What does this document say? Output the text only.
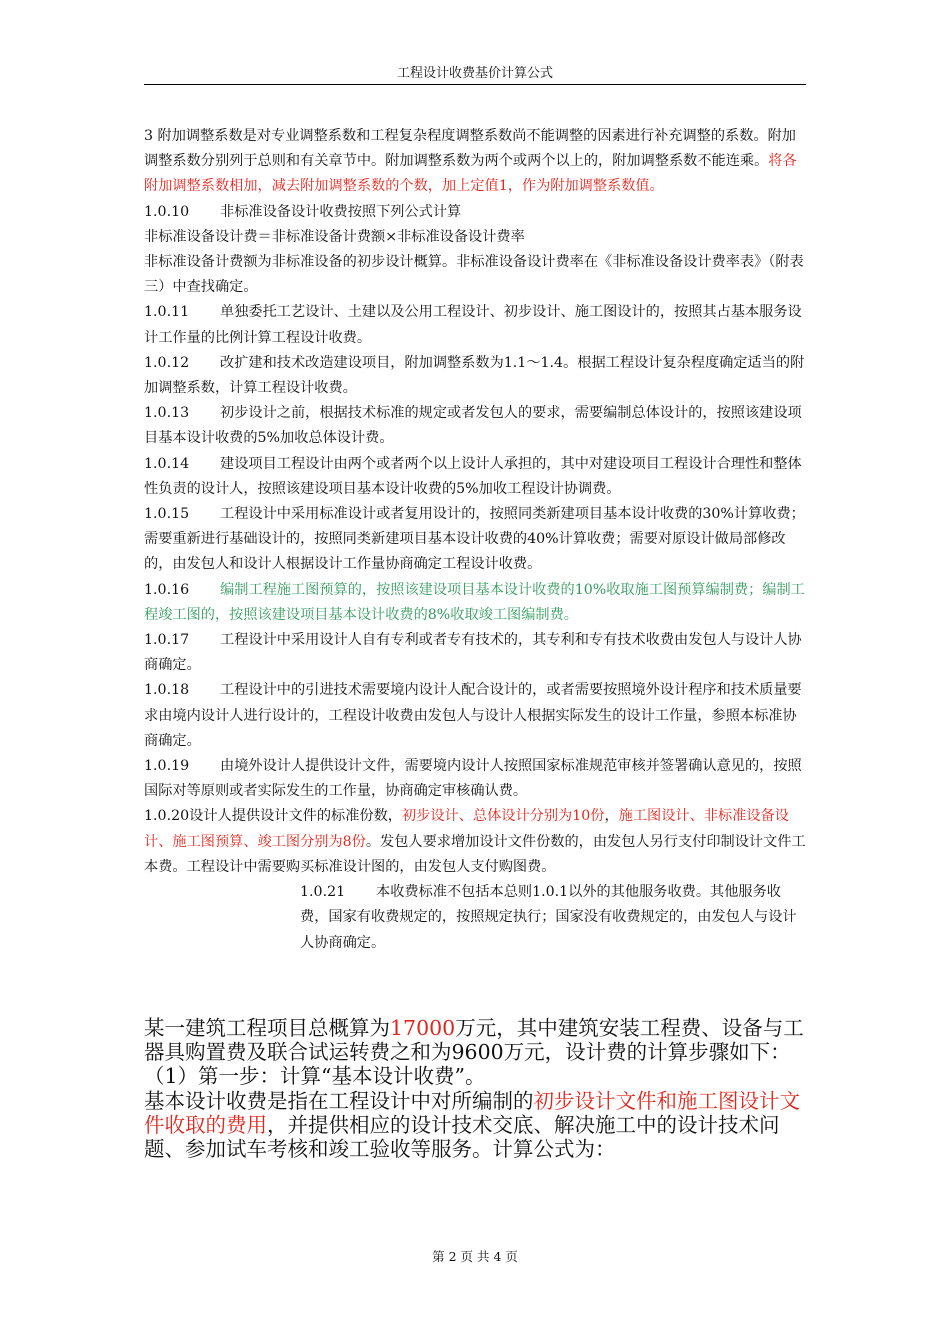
工程设计收费基价计算公式

3 附加调整系数是对专业调整系数和工程复杂程度调整系数尚不能调整的因素进行补充调整的系数。附加调整系数分别列于总则和有关章节中。附加调整系数为两个或两个以上的，附加调整系数不能连乘。将各附加调整系数相加，减去附加调整系数的个数，加上定值1，作为附加调整系数值。

1.0.10 非标准设备设计收费按照下列公式计算

非标准设备设计费＝非标准设备计费额×非标准设备设计费率

非标准设备计费额为非标准设备的初步设计概算。非标准设备设计费率在《非标准设备设计费率表》（附表三）中查找确定。

1.0.11 单独委托工艺设计、土建以及公用工程设计、初步设计、施工图设计的，按照其占基本服务设计工作量的比例计算工程设计收费。

1.0.12 改扩建和技术改造建设项目，附加调整系数为1.1～1.4。根据工程设计复杂程度确定适当的附加调整系数，计算工程设计收费。

1.0.13 初步设计之前，根据技术标准的规定或者发包人的要求，需要编制总体设计的，按照该建设项目基本设计收费的5%加收总体设计费。

1.0.14 建设项目工程设计由两个或者两个以上设计人承担的，其中对建设项目工程设计合理性和整体性负责的设计人，按照该建设项目基本设计收费的5%加收工程设计协调费。

1.0.15 工程设计中采用标准设计或者复用设计的，按照同类新建项目基本设计收费的30%计算收费；需要重新进行基础设计的，按照同类新建项目基本设计收费的40%计算收费；需要对原设计做局部修改的，由发包人和设计人根据设计工作量协商确定工程设计收费。

1.0.16 编制工程施工图预算的，按照该建设项目基本设计收费的10%收取施工图预算编制费；编制工程竣工图的，按照该建设项目基本设计收费的8%收取竣工图编制费。

1.0.17 工程设计中采用设计人自有专利或者专有技术的，其专利和专有技术收费由发包人与设计人协商确定。

1.0.18 工程设计中的引进技术需要境内设计人配合设计的，或者需要按照境外设计程序和技术质量要求由境内设计人进行设计的，工程设计收费由发包人与设计人根据实际发生的设计工作量，参照本标准协商确定。

1.0.19 由境外设计人提供设计文件，需要境内设计人按照国家标准规范审核并签署确认意见的，按照国际对等原则或者实际发生的工作量，协商确定审核确认费。

1.0.20设计人提供设计文件的标准份数，初步设计、总体设计分别为10份，施工图设计、非标准设备设计、施工图预算、竣工图分别为8份。发包人要求增加设计文件份数的，由发包人另行支付印制设计文件工本费。工程设计中需要购买标准设计图的，由发包人支付购图费。

1.0.21 本收费标准不包括本总则1.0.1以外的其他服务收费。其他服务收费，国家有收费规定的，按照规定执行；国家没有收费规定的，由发包人与设计人协商确定。

某一建筑工程项目总概算为17000万元，其中建筑安装工程费、设备与工器具购置费及联合试运转费之和为9600万元，设计费的计算步骤如下：

（1）第一步：计算“基本设计收费”。

基本设计收费是指在工程设计中对所编制的初步设计文件和施工图设计文件收取的费用，并提供相应的设计技术交底、解决施工中的设计技术问题、参加试车考核和竣工验收等服务。计算公式为：

第 2 页 共 4 页
